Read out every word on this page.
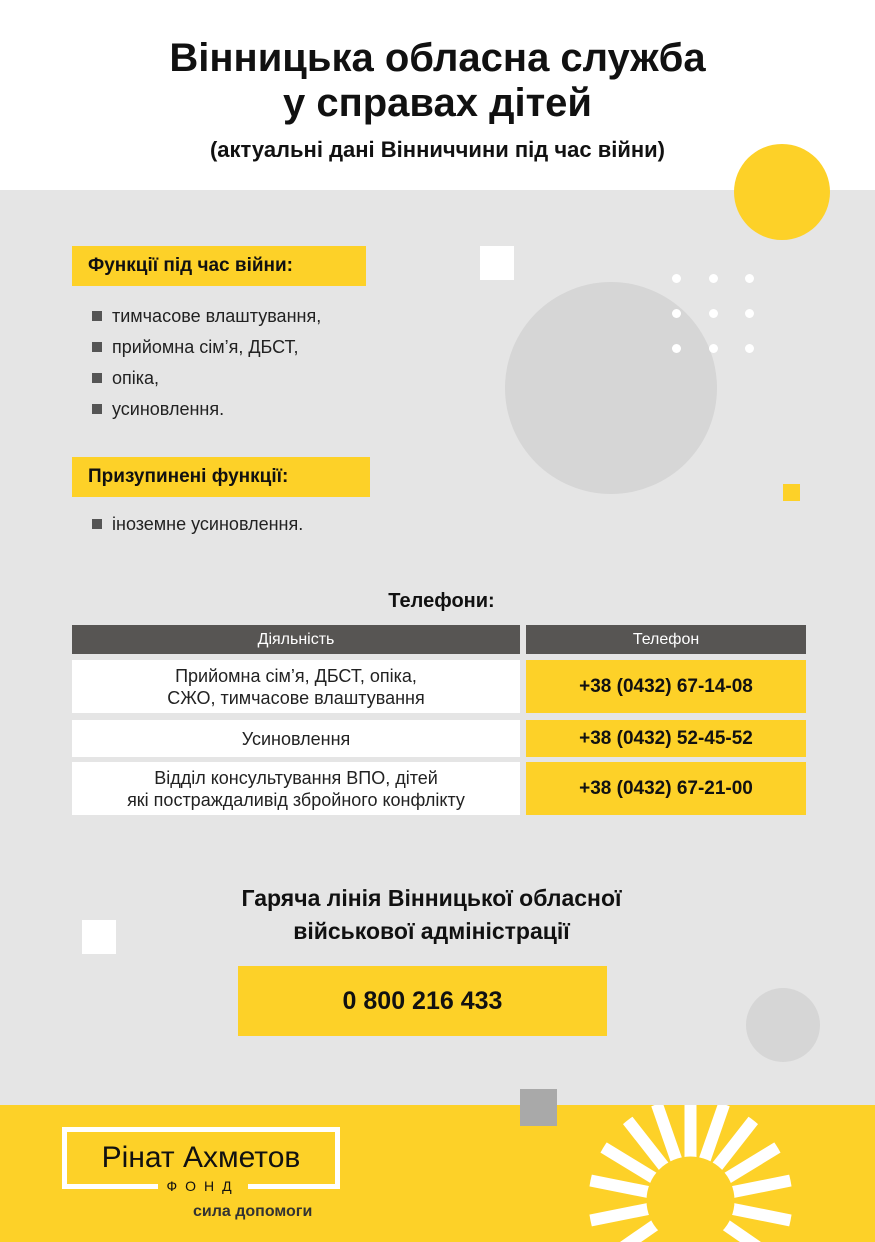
Вінницька обласна служба
у справах дітей
(актуальні дані Вінниччини під час війни)
Функції під час війни:
тимчасове влаштування,
прийомна сім’я, ДБСТ,
опіка,
усиновлення.
Призупинені функції:
іноземне усиновлення.
Телефони:
Діяльність	Телефон
Прийомна сім’я, ДБСТ, опіка,
СЖО, тимчасове влаштування
+38 (0432) 67-14-08
Усиновлення	+38 (0432) 52-45-52
Відділ консультування ВПО, дітей
які постраждаливід збройного конфлікту
+38 (0432) 67-21-00
Гаряча лінія Вінницької обласної
військової адміністрації
0 800 216 433
Рінат Ахметов
ФОНД
сила допомоги
